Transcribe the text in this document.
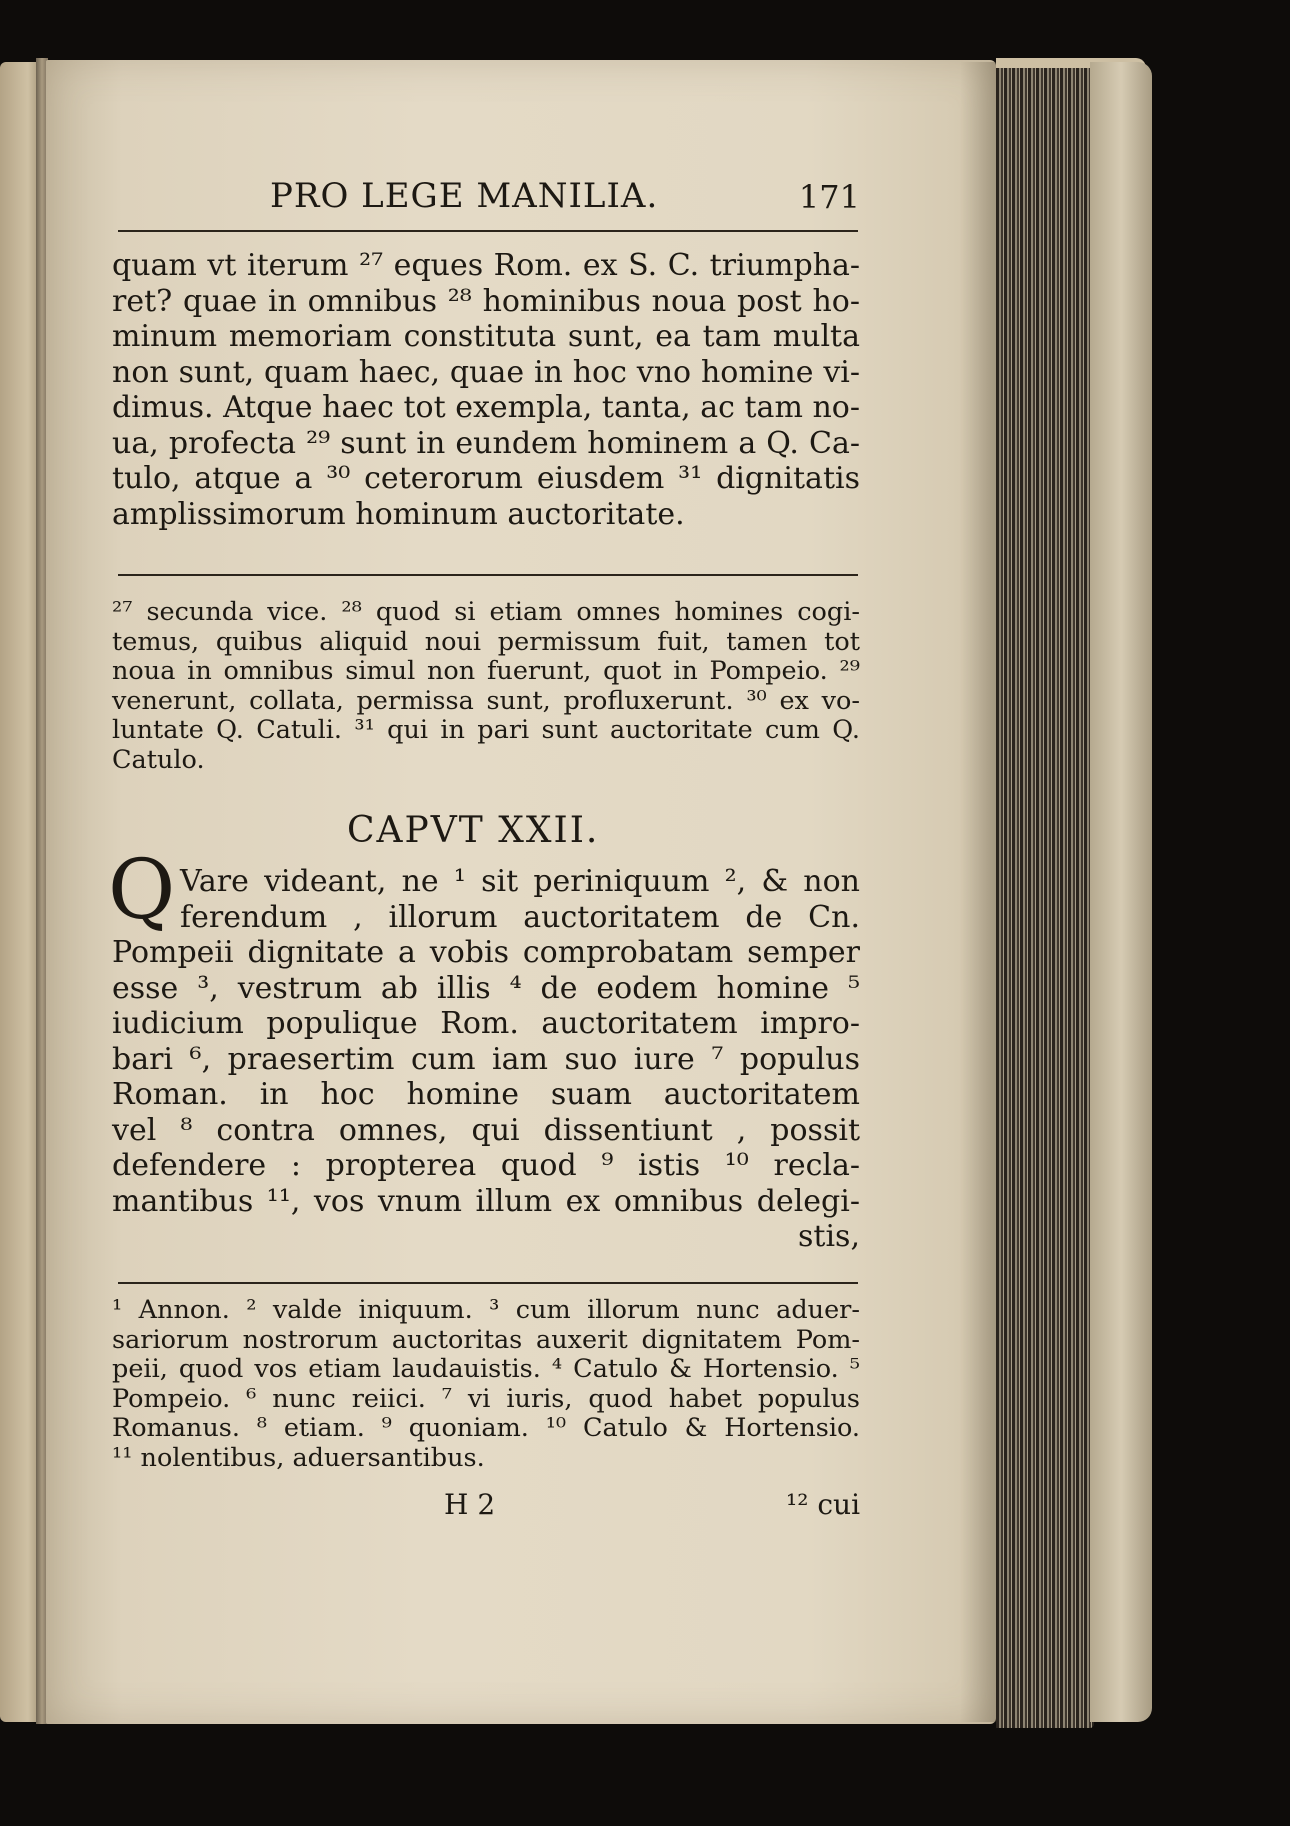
PRO LEGE MANILIA.	171
quam vt iterum ²⁷ eques Rom. ex S. C. triumpha-
ret? quae in omnibus ²⁸ hominibus noua post ho-
minum memoriam constituta sunt, ea tam multa
non sunt, quam haec, quae in hoc vno homine vi-
dimus. Atque haec tot exempla, tanta, ac tam no-
ua, profecta ²⁹ sunt in eundem hominem a Q. Ca-
tulo, atque a ³⁰ ceterorum eiusdem ³¹ dignitatis
amplissimorum hominum auctoritate.
²⁷ secunda vice. ²⁸ quod si etiam omnes homines cogi-
temus, quibus aliquid noui permissum fuit, tamen tot
noua in omnibus simul non fuerunt, quot in Pompeio. ²⁹
venerunt, collata, permissa sunt, profluxerunt. ³⁰ ex vo-
luntate Q. Catuli. ³¹ qui in pari sunt auctoritate cum Q.
Catulo.
CAPVT XXII.
Q Vare videant, ne ¹ sit periniquum ², & non
ferendum , illorum auctoritatem de Cn.
Pompeii dignitate a vobis comprobatam semper
esse ³, vestrum ab illis ⁴ de eodem homine ⁵
iudicium populique Rom. auctoritatem impro-
bari ⁶, praesertim cum iam suo iure ⁷ populus
Roman. in hoc homine suam auctoritatem
vel ⁸ contra omnes, qui dissentiunt , possit
defendere : propterea quod ⁹ istis ¹⁰ recla-
mantibus ¹¹, vos vnum illum ex omnibus delegi-
stis,
¹ Annon. ² valde iniquum. ³ cum illorum nunc aduer-
sariorum nostrorum auctoritas auxerit dignitatem Pom-
peii, quod vos etiam laudauistis. ⁴ Catulo & Hortensio. ⁵
Pompeio. ⁶ nunc reiici. ⁷ vi iuris, quod habet populus
Romanus. ⁸ etiam. ⁹ quoniam. ¹⁰ Catulo & Hortensio.
¹¹ nolentibus, aduersantibus.
H 2	¹² cui
